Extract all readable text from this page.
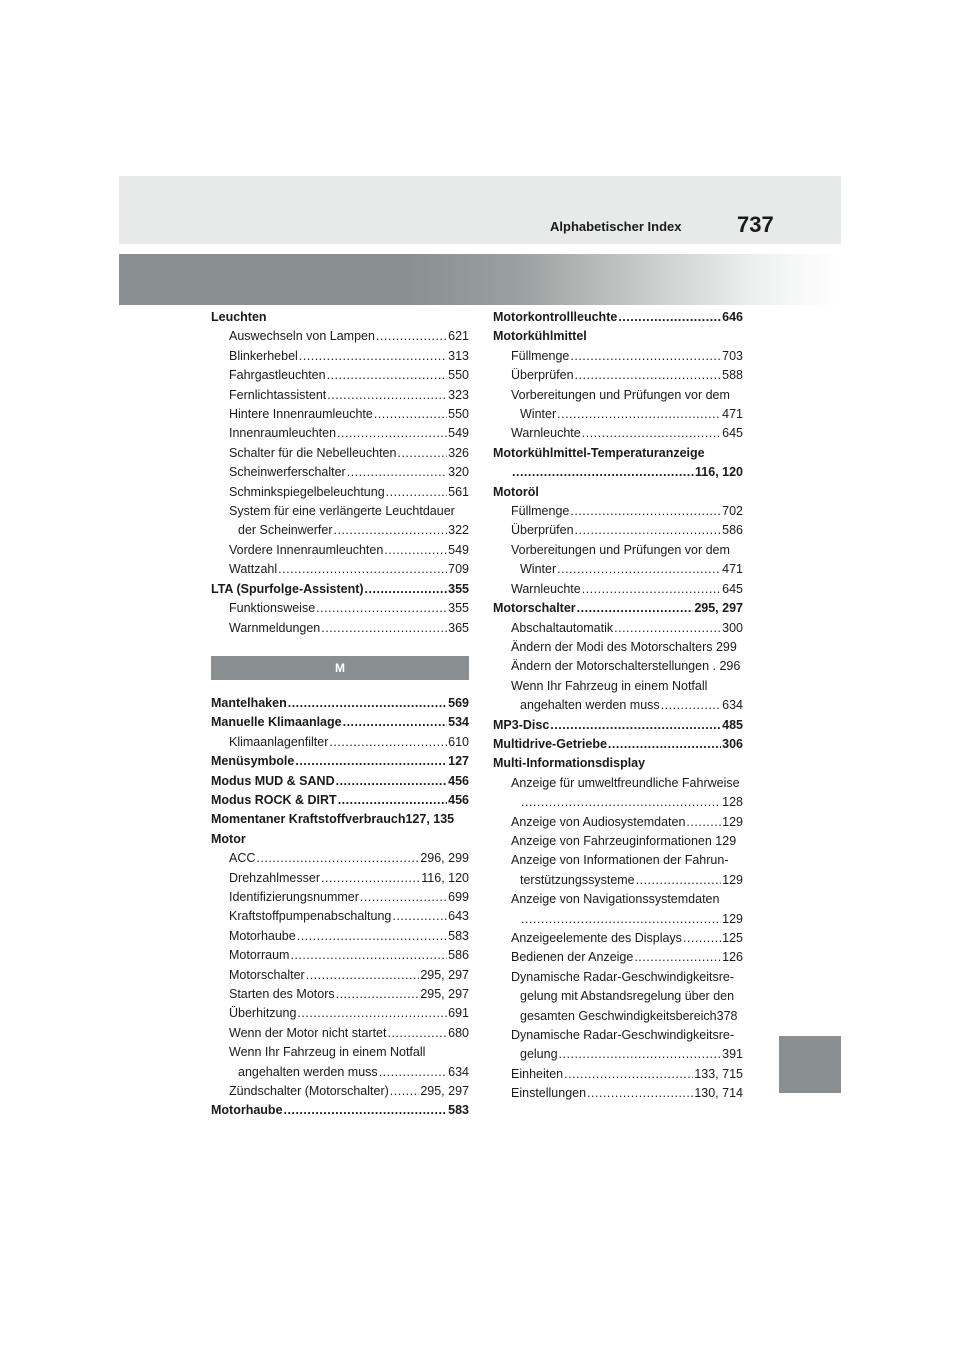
Alphabetischer Index	737
Leuchten
Auswechseln von Lampen .....	621
Blinkerhebel .....	313
Fahrgastleuchten .....	550
Fernlichtassistent .....	323
Hintere Innenraumleuchte .....	550
Innenraumleuchten .....	549
Schalter für die Nebelleuchten .....	326
Scheinwerferschalter .....	320
Schminkspiegelbeleuchtung .....	561
System für eine verlängerte Leuchtdauer
der Scheinwerfer .....	322
Vordere Innenraumleuchten .....	549
Wattzahl .....	709
LTA (Spurfolge-Assistent) .....	355
Funktionsweise .....	355
Warnmeldungen .....	365
M
Mantelhaken .....	569
Manuelle Klimaanlage .....	534
Klimaanlagenfilter .....	610
Menüsymbole .....	127
Modus MUD & SAND .....	456
Modus ROCK & DIRT .....	456
Momentaner Kraftstoffverbrauch127, 135
Motor
ACC .....	296, 299
Drehzahlmesser .....	116, 120
Identifizierungsnummer .....	699
Kraftstoffpumpenabschaltung .....	643
Motorhaube .....	583
Motorraum .....	586
Motorschalter .....	295, 297
Starten des Motors .....	295, 297
Überhitzung .....	691
Wenn der Motor nicht startet .....	680
Wenn Ihr Fahrzeug in einem Notfall
angehalten werden muss .....	634
Zündschalter (Motorschalter) .....	295, 297
Motorhaube .....	583
Motorkontrollleuchte .....	646
Motorkühlmittel
Füllmenge .....	703
Überprüfen .....	588
Vorbereitungen und Prüfungen vor dem
Winter .....	471
Warnleuchte .....	645
Motorkühlmittel-Temperaturanzeige
.....
116, 120
Motoröl
Füllmenge .....	702
Überprüfen .....	586
Vorbereitungen und Prüfungen vor dem
Winter .....	471
Warnleuchte .....	645
Motorschalter .....	295, 297
Abschaltautomatik .....	300
Ändern der Modi des Motorschalters 299
Ändern der Motorschalterstellungen . 296
Wenn Ihr Fahrzeug in einem Notfall
angehalten werden muss .....	634
MP3-Disc .....	485
Multidrive-Getriebe .....	306
Multi-Informationsdisplay
Anzeige für umweltfreundliche Fahrweise
.....
128
Anzeige von Audiosystemdaten .....	129
Anzeige von Fahrzeuginformationen 129
Anzeige von Informationen der Fahrun-
terstützungssysteme .....	129
Anzeige von Navigationssystemdaten
.....
129
Anzeigeelemente des Displays .....	125
Bedienen der Anzeige .....	126
Dynamische Radar-Geschwindigkeitsre-
gelung mit Abstandsregelung über den
gesamten Geschwindigkeitsbereich378
Dynamische Radar-Geschwindigkeitsre-
gelung .....	391
Einheiten .....	133, 715
Einstellungen .....	130, 714
